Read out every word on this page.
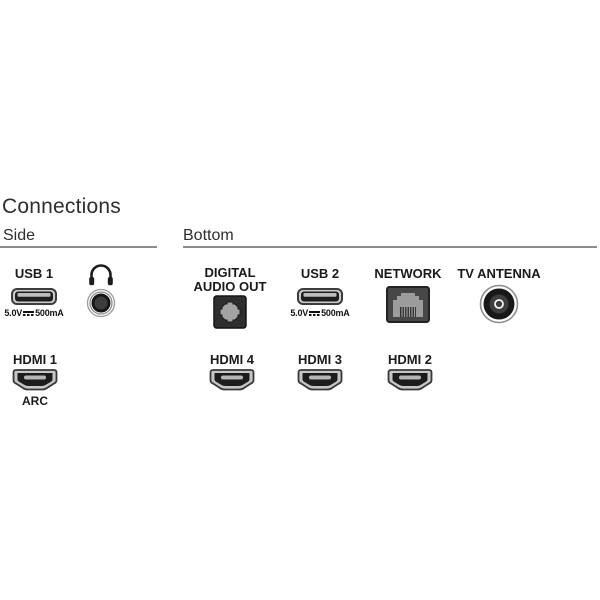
Connections
Side	Bottom
USB 1
5.0V 500mA
DIGITAL
AUDIO OUT
USB 2
5.0V 500mA
NETWORK TV ANTENNA
HDMI 1
ARC
HDMI 4	HDMI 3	HDMI 2
